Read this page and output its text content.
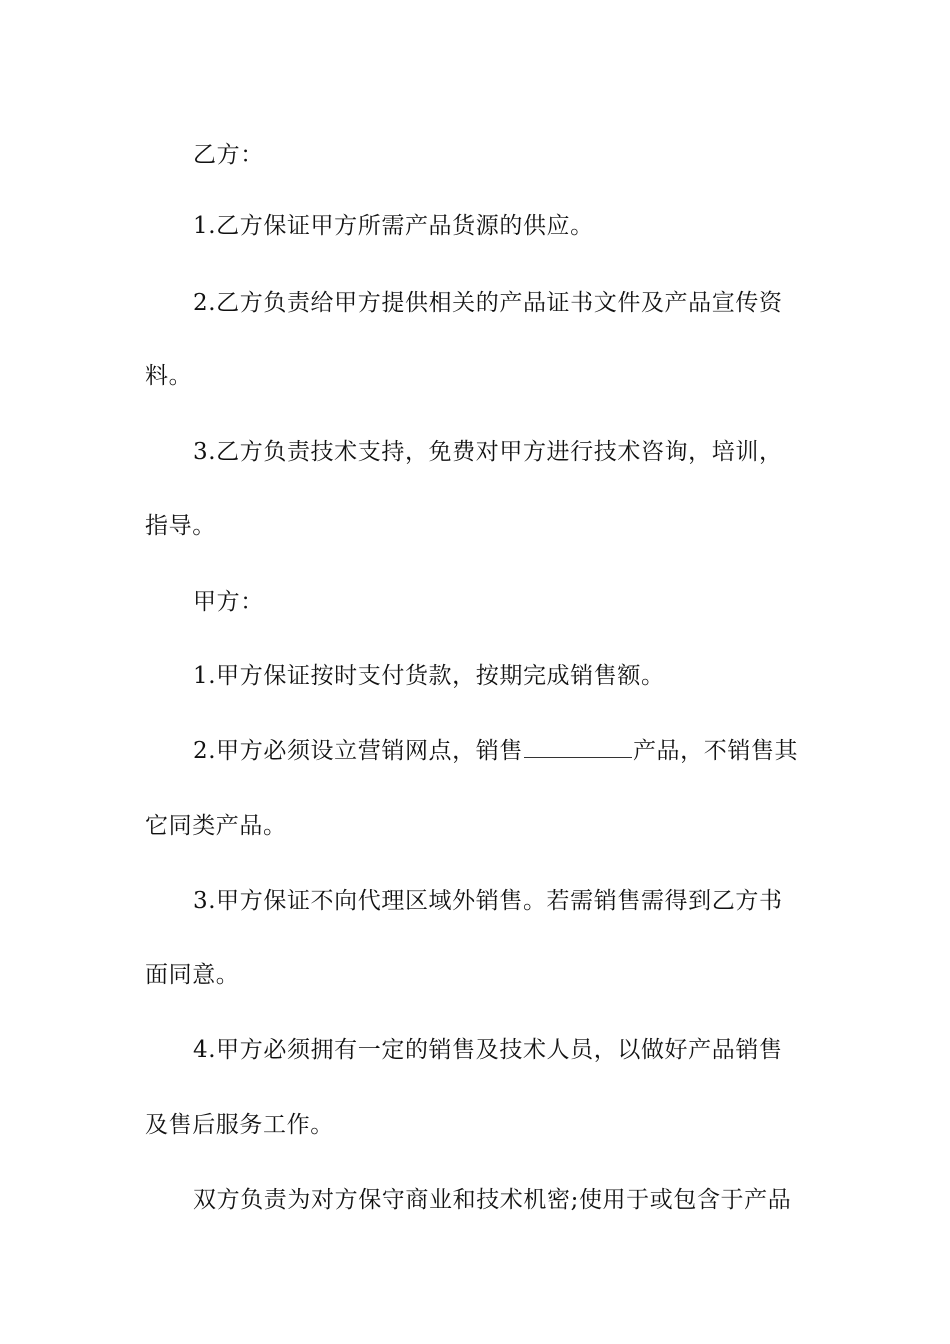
乙方：
1.乙方保证甲方所需产品货源的供应。
2.乙方负责给甲方提供相关的产品证书文件及产品宣传资
料。
3.乙方负责技术支持，免费对甲方进行技术咨询，培训，
指导。
甲方：
1.甲方保证按时支付货款，按期完成销售额。
2.甲方必须设立营销网点，销售	产品，不销售其
它同类产品。
3.甲方保证不向代理区域外销售。若需销售需得到乙方书
面同意。
4.甲方必须拥有一定的销售及技术人员，以做好产品销售
及售后服务工作。
双方负责为对方保守商业和技术机密;使用于或包含于产品
